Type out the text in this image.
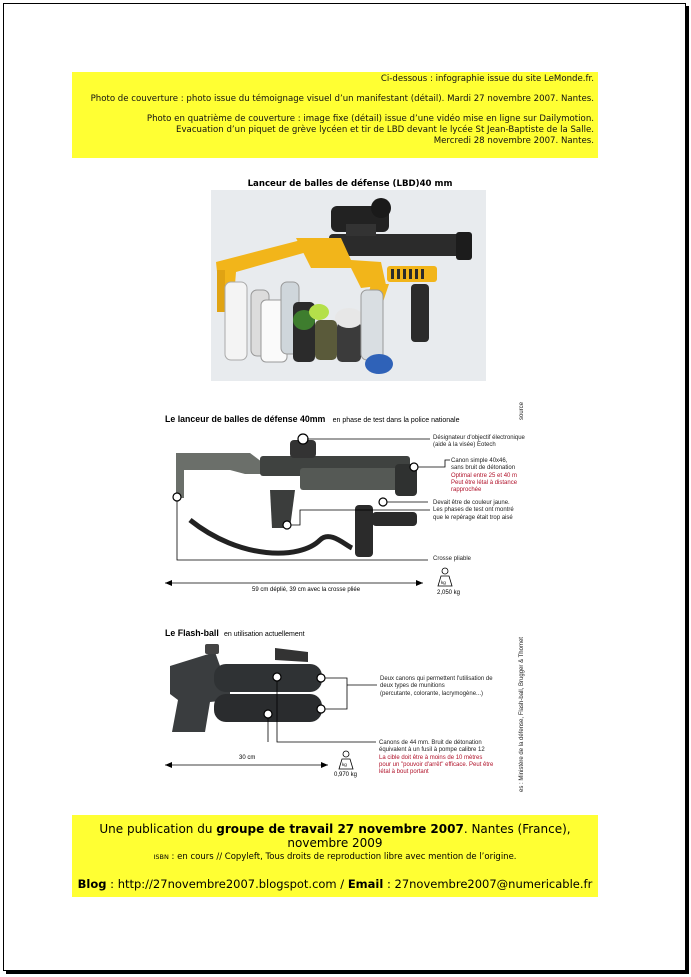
Ci-dessous : infographie issue du site LeMonde.fr.

Photo de couverture : photo issue du témoignage visuel d’un manifestant (détail). Mardi 27 novembre 2007. Nantes.

Photo en quatrième de couverture : image fixe (détail) issue d’une vidéo mise en ligne sur Dailymotion.

Evacuation d’un piquet de grève lycéen et tir de LBD devant le lycée St Jean-Baptiste de la Salle.

Mercredi 28 novembre 2007. Nantes.

Lanceur de balles de défense (LBD)40 mm
Le lanceur de balles de défense 40mm en phase de test dans la police nationale
source
Désignateur d'objectif électronique
(aide à la visée) Eotech
Canon simple 40x46,
sans bruit de détonation
Optimal entre 25 et 40 m
Peut être létal à distance
rapprochée
Devait être de couleur jaune.
Les phases de test ont montré
que le repérage était trop aisé
Crosse pliable
59 cm déplié, 39 cm avec la crosse pliée
kg
2,050 kg
Le Flash-ball en utilisation actuellement
es : Ministère de la défense, Flash-ball, Brugger & Thomet
Deux canons qui permettent l'utilisation de
deux types de munitions
(percutante, colorante, lacrymogène...)
Canons de 44 mm. Bruit de détonation
équivalent à un fusil à pompe calibre 12
La cible doit être à moins de 10 mètres
pour un "pouvoir d'arrêt" efficace. Peut être
létal à bout portant
30 cm
kg
0,970 kg
Une publication du groupe de travail 27 novembre 2007. Nantes (France), novembre 2009
ISBN : en cours // Copyleft, Tous droits de reproduction libre avec mention de l’origine.
Blog : http://27novembre2007.blogspot.com / Email : 27novembre2007@numericable.fr
